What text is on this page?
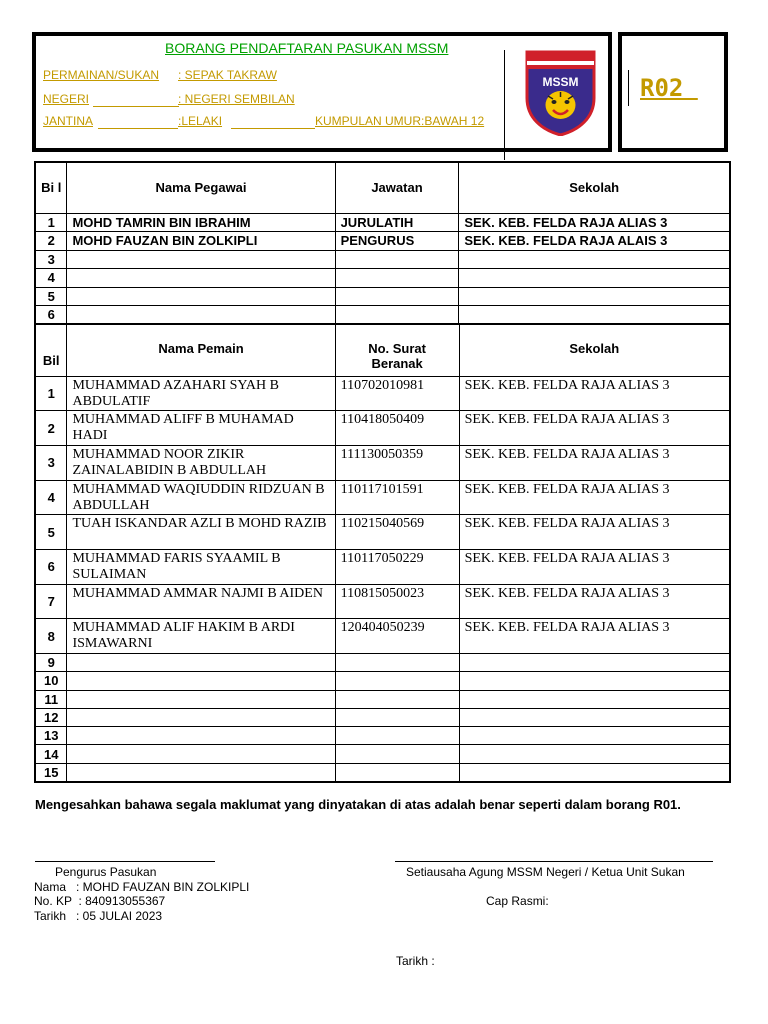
BORANG PENDAFTARAN PASUKAN MSSM
PERMAINAN/SUKAN : SEPAK TAKRAW
NEGERI	: NEGERI SEMBILAN
JANTINA	:LELAKI	KUMPULAN UMUR:BAWAH 12
MSSM	R02
Bi l	Nama Pegawai	Jawatan	Sekolah
1	MOHD TAMRIN BIN IBRAHIM	JURULATIH	SEK. KEB. FELDA RAJA ALIAS 3
2	MOHD FAUZAN BIN ZOLKIPLI	PENGURUS	SEK. KEB. FELDA RAJA ALAIS 3
3			
4			
5			
6			
Bil	Nama Pemain	No. Surat Beranak	Sekolah
1	MUHAMMAD AZAHARI SYAH B ABDULATIF	110702010981	SEK. KEB. FELDA RAJA ALIAS 3
2	MUHAMMAD ALIFF B MUHAMAD HADI	110418050409	SEK. KEB. FELDA RAJA ALIAS 3
3	MUHAMMAD NOOR ZIKIR ZAINALABIDIN B ABDULLAH	111130050359	SEK. KEB. FELDA RAJA ALIAS 3
4	MUHAMMAD WAQIUDDIN RIDZUAN B ABDULLAH	110117101591	SEK. KEB. FELDA RAJA ALIAS 3
5	TUAH ISKANDAR AZLI B MOHD RAZIB	110215040569	SEK. KEB. FELDA RAJA ALIAS 3
6	MUHAMMAD FARIS SYAAMIL B SULAIMAN	110117050229	SEK. KEB. FELDA RAJA ALIAS 3
7	MUHAMMAD AMMAR NAJMI B AIDEN	110815050023	SEK. KEB. FELDA RAJA ALIAS 3
8	MUHAMMAD ALIF HAKIM B ARDI ISMAWARNI	120404050239	SEK. KEB. FELDA RAJA ALIAS 3
9			
10			
11			
12			
13			
14			
15			
Mengesahkan bahawa segala maklumat yang dinyatakan di atas adalah benar seperti dalam borang R01.
Pengurus Pasukan
Nama   : MOHD FAUZAN BIN ZOLKIPLI
No. KP  : 840913055367
Tarikh   : 05 JULAI 2023
Setiausaha Agung MSSM Negeri / Ketua Unit Sukan
Cap Rasmi:
Tarikh :
